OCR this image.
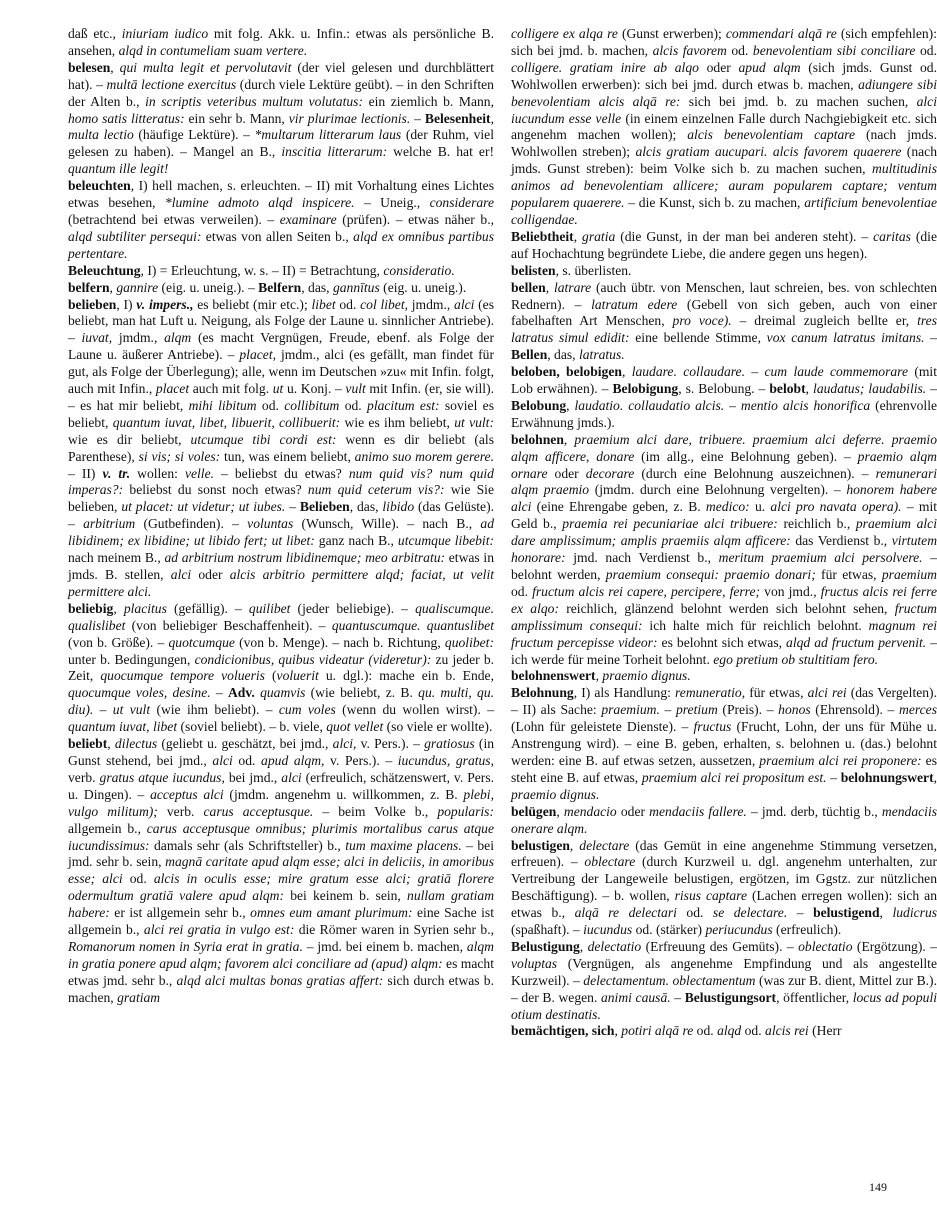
daß etc., iniuriam iudico mit folg. Akk. u. Infin.: etwas als persönliche B. ansehen, alqd in contumeliam suam vertere.

belesen, qui multa legit et pervolutavit (der viel gelesen und durchblättert hat). – multā lectione exercitus (durch viele Lektüre geübt). – in den Schriften der Alten b., in scriptis veteribus multum volutatus: ein ziemlich b. Mann, homo satis litteratus: ein sehr b. Mann, vir plurimae lectionis. – Belesenheit, multa lectio (häufige Lektüre). – *multarum litterarum laus (der Ruhm, viel gelesen zu haben). – Mangel an B., inscitia litterarum: welche B. hat er! quantum ille legit!

beleuchten, I) hell machen, s. erleuchten. – II) mit Vorhaltung eines Lichtes etwas besehen, *lumine admoto alqd inspicere. – Uneig., considerare (betrachtend bei etwas verweilen). – examinare (prüfen). – etwas näher b., alqd subtiliter persequi: etwas von allen Seiten b., alqd ex omnibus partibus pertentare.

Beleuchtung, I) = Erleuchtung, w. s. – II) = Betrachtung, consideratio.

belfern, gannire (eig. u. uneig.). – Belfern, das, gannītus (eig. u. uneig.).

belieben, I) v. impers., es beliebt (mir etc.); libet od. col libet, jmdm., alci (es beliebt, man hat Luft u. Neigung, als Folge der Laune u. sinnlicher Antriebe). – iuvat, jmdm., alqm (es macht Vergnügen, Freude, ebenf. als Folge der Laune u. äußerer Antriebe). – placet, jmdm., alci (es gefällt, man findet für gut, als Folge der Überlegung); alle, wenn im Deutschen »zu« mit Infin. folgt, auch mit Infin., placet auch mit folg. ut u. Konj. – vult mit Infin. (er, sie will). – es hat mir beliebt, mihi libitum od. collibitum od. placitum est: soviel es beliebt, quantum iuvat, libet, libuerit, collibuerit: wie es ihm beliebt, ut vult: wie es dir beliebt, utcumque tibi cordi est: wenn es dir beliebt (als Parenthese), si vis; si voles: tun, was einem beliebt, animo suo morem gerere. – II) v. tr. wollen: velle. – beliebst du etwas? num quid vis? num quid imperas?: beliebst du sonst noch etwas? num quid ceterum vis?: wie Sie belieben, ut placet: ut videtur; ut iubes. – Belieben, das, libido (das Gelüste). – arbitrium (Gutbefinden). – voluntas (Wunsch, Wille). – nach B., ad libidinem; ex libidine; ut libido fert; ut libet: ganz nach B., utcumque libebit: nach meinem B., ad arbitrium nostrum libidinemque; meo arbitratu: etwas in jmds. B. stellen, alci oder alcis arbitrio permittere alqd; faciat, ut velit permittere alci.

beliebig, placitus (gefällig). – quilibet (jeder beliebige). – qualiscumque. qualislibet (von beliebiger Beschaffenheit). – quantuscumque. quantuslibet (von b. Größe). – quotcumque (von b. Menge). – nach b. Richtung, quolibet: unter b. Bedingungen, condicionibus, quibus videatur (videretur): zu jeder b. Zeit, quocumque tempore volueris (voluerit u. dgl.): mache ein b. Ende, quocumque voles, desine. – Adv. quamvis (wie beliebt, z. B. qu. multi, qu. diu). – ut vult (wie ihm beliebt). – cum voles (wenn du wollen wirst). – quantum iuvat, libet (soviel beliebt). – b. viele, quot vellet (so viele er wollte).

beliebt, dilectus (geliebt u. geschätzt, bei jmd., alci, v. Pers.). – gratiosus (in Gunst stehend, bei jmd., alci od. apud alqm, v. Pers.). – iucundus, gratus, verb. gratus atque iucundus, bei jmd., alci (erfreulich, schätzenswert, v. Pers. u. Dingen). – acceptus alci (jmdm. angenehm u. willkommen, z. B. plebi, vulgo militum); verb. carus acceptusque. – beim Volke b., popularis: allgemein b., carus acceptusque omnibus; plurimis mortalibus carus atque iucundissimus: damals sehr (als Schriftsteller) b., tum maxime placens. – bei jmd. sehr b. sein, magnā caritate apud alqm esse; alci in deliciis, in amoribus esse; alci od. alcis in oculis esse; mire gratum esse alci; gratiā florere odermultum gratiā valere apud alqm: bei keinem b. sein, nullam gratiam habere: er ist allgemein sehr b., omnes eum amant plurimum: eine Sache ist allgemein b., alci rei gratia in vulgo est: die Römer waren in Syrien sehr b., Romanorum nomen in Syria erat in gratia. – jmd. bei einem b. machen, alqm in gratia ponere apud alqm; favorem alci conciliare ad (apud) alqm: es macht etwas jmd. sehr b., alqd alci multas bonas gratias affert: sich durch etwas b. machen, gratiam

colligere ex alqa re (Gunst erwerben); commendari alqā re (sich empfehlen): sich bei jmd. b. machen, alcis favorem od. benevolentiam sibi conciliare od. colligere. gratiam inire ab alqo oder apud alqm (sich jmds. Gunst od. Wohlwollen erwerben): sich bei jmd. durch etwas b. machen, adiungere sibi benevolentiam alcis alqā re: sich bei jmd. b. zu machen suchen, alci iucundum esse velle (in einem einzelnen Falle durch Nachgiebigkeit etc. sich angenehm machen wollen); alcis benevolentiam captare (nach jmds. Wohlwollen streben); alcis gratiam aucupari. alcis favorem quaerere (nach jmds. Gunst streben): beim Volke sich b. zu machen suchen, multitudinis animos ad benevolentiam allicere; auram popularem captare; ventum popularem quaerere. – die Kunst, sich b. zu machen, artificium benevolentiae colligendae.

Beliebtheit, gratia (die Gunst, in der man bei anderen steht). – caritas (die auf Hochachtung begründete Liebe, die andere gegen uns hegen).

belisten, s. überlisten.

bellen, latrare (auch übtr. von Menschen, laut schreien, bes. von schlechten Rednern). – latratum edere (Gebell von sich geben, auch von einer fabelhaften Art Menschen, pro voce). – dreimal zugleich bellte er, tres latratus simul edidit: eine bellende Stimme, vox canum latratus imitans. – Bellen, das, latratus.

beloben, belobigen, laudare. collaudare. – cum laude commemorare (mit Lob erwähnen). – Belobigung, s. Belobung. – belobt, laudatus; laudabilis. – Belobung, laudatio. collaudatio alcis. – mentio alcis honorifica (ehrenvolle Erwähnung jmds.).

belohnen, praemium alci dare, tribuere. praemium alci deferre. praemio alqm afficere, donare (im allg., eine Belohnung geben). – praemio alqm ornare oder decorare (durch eine Belohnung auszeichnen). – remunerari alqm praemio (jmdm. durch eine Belohnung vergelten). – honorem habere alci (eine Ehrengabe geben, z. B. medico: u. alci pro navata opera). – mit Geld b., praemia rei pecuniariae alci tribuere: reichlich b., praemium alci dare amplissimum; amplis praemiis alqm afficere: das Verdienst b., virtutem honorare: jmd. nach Verdienst b., meritum praemium alci persolvere. – belohnt werden, praemium consequi: praemio donari; für etwas, praemium od. fructum alcis rei capere, percipere, ferre; von jmd., fructus alcis rei ferre ex alqo: reichlich, glänzend belohnt werden sich belohnt sehen, fructum amplissimum consequi: ich halte mich für reichlich belohnt. magnum rei fructum percepisse videor: es belohnt sich etwas, alqd ad fructum pervenit. – ich werde für meine Torheit belohnt. ego pretium ob stultitiam fero.

belohnenswert, praemio dignus.

Belohnung, I) als Handlung: remuneratio, für etwas, alci rei (das Vergelten). – II) als Sache: praemium. – pretium (Preis). – honos (Ehrensold). – merces (Lohn für geleistete Dienste). – fructus (Frucht, Lohn, der uns für Mühe u. Anstrengung wird). – eine B. geben, erhalten, s. belohnen u. (das.) belohnt werden: eine B. auf etwas setzen, aussetzen, praemium alci rei proponere: es steht eine B. auf etwas, praemium alci rei propositum est. – belohnungswert, praemio dignus.

belügen, mendacio oder mendaciis fallere. – jmd. derb, tüchtig b., mendaciis onerare alqm.

belustigen, delectare (das Gemüt in eine angenehme Stimmung versetzen, erfreuen). – oblectare (durch Kurzweil u. dgl. angenehm unterhalten, zur Vertreibung der Langeweile belustigen, ergötzen, im Ggstz. zur nützlichen Beschäftigung). – b. wollen, risus captare (Lachen erregen wollen): sich an etwas b., alqā re delectari od. se delectare. – belustigend, ludicrus (spaßhaft). – iucundus od. (stärker) periucundus (erfreulich).

Belustigung, delectatio (Erfreuung des Gemüts). – oblectatio (Ergötzung). – voluptas (Vergnügen, als angenehme Empfindung und als angestellte Kurzweil). – delectamentum. oblectamentum (was zur B. dient, Mittel zur B.). – der B. wegen. animi causā. – Belustigungsort, öffentlicher, locus ad populi otium destinatis.

bemächtigen, sich, potiri alqā re od. alqd od. alcis rei (Herr

149
